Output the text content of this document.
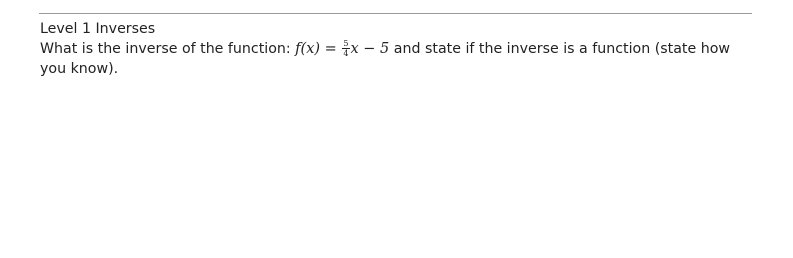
Level 1 Inverses

What is the inverse of the function: $f(x) = \frac{5}{4}$ x − 5 and state if the inverse is a function (state how you know).
